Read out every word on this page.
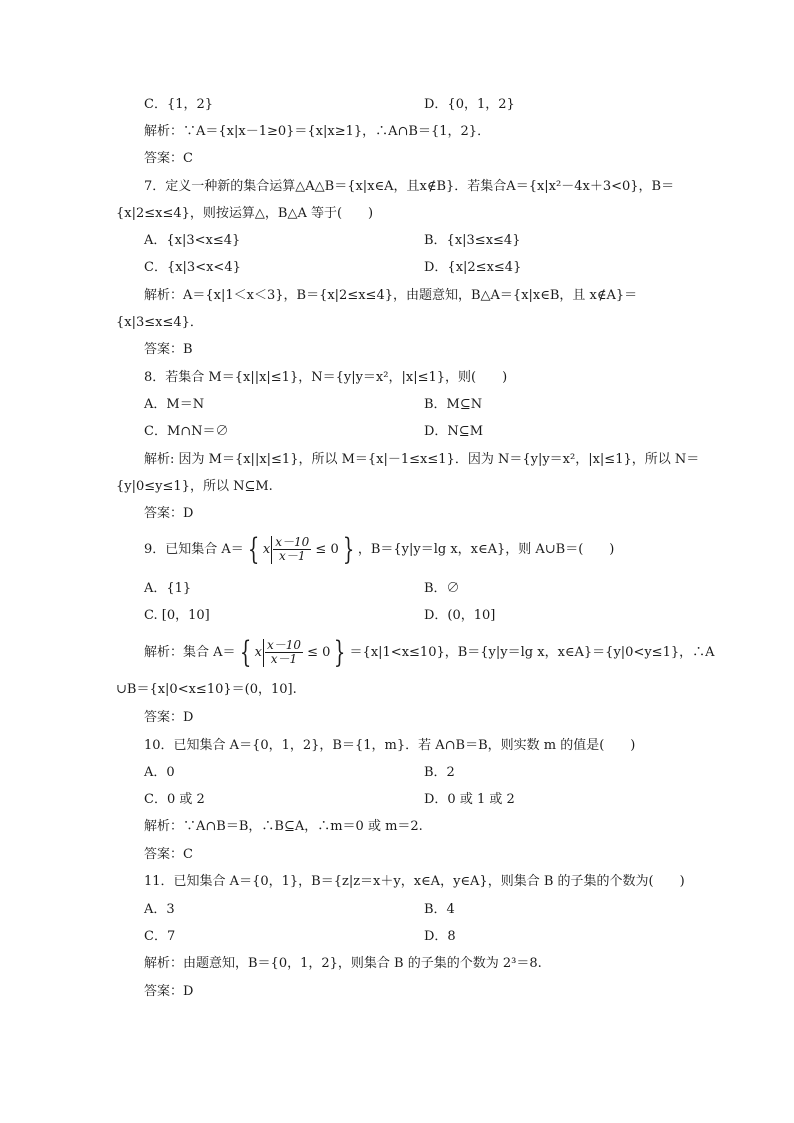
C．{1，2}	D．{0，1，2}
解析：∵A＝{x|x－1≥0}＝{x|x≥1}，∴A∩B＝{1，2}．
答案：C
7．定义一种新的集合运算△A△B＝{x|x∈A，且x∉B}．若集合A＝{x|x²－4x＋3<0}，B＝
{x|2≤x≤4}，则按运算△，B△A 等于(　　)
A．{x|3<x≤4}	B．{x|3≤x≤4}
C．{x|3<x<4}	D．{x|2≤x≤4}
解析：A＝{x|1＜x＜3}，B＝{x|2≤x≤4}，由题意知，B△A＝{x|x∈B，且 x∉A}＝
{x|3≤x≤4}．
答案：B
8．若集合 M＝{x||x|≤1}，N＝{y|y＝x²，|x|≤1}，则(　　)
A．M＝N	B．M⊆N
C．M∩N＝∅	D．N⊆M
解析: 因为 M＝{x||x|≤1}，所以 M＝{x|－1≤x≤1}．因为 N＝{y|y＝x²，|x|≤1}，所以 N＝
{y|0≤y≤1}，所以 N⊆M.
答案：D
9．已知集合 A＝ { x $\frac{x-10}{x-1} \le 0$ } ，B＝{y|y＝lg x，x∈A}，则 A∪B＝(　　)
A．{1}	B．∅
C. [0，10]	D．(0，10]
解析：集合 A＝ { x $\frac{x-10}{x-1} \le 0$ } ＝{x|1<x≤10}，B＝{y|y＝lg x，x∈A}＝{y|0<y≤1}，∴A
∪B＝{x|0<x≤10}＝(0，10].
答案：D
10．已知集合 A＝{0，1，2}，B＝{1，m}．若 A∩B＝B，则实数 m 的值是(　　)
A．0	B．2
C．0 或 2	D．0 或 1 或 2
解析：∵A∩B＝B，∴B⊆A，∴m＝0 或 m＝2.
答案：C
11．已知集合 A＝{0，1}，B＝{z|z＝x＋y，x∈A，y∈A}，则集合 B 的子集的个数为(　　)
A．3	B．4
C．7	D．8
解析：由题意知，B＝{0，1，2}，则集合 B 的子集的个数为 2³＝8.
答案：D
